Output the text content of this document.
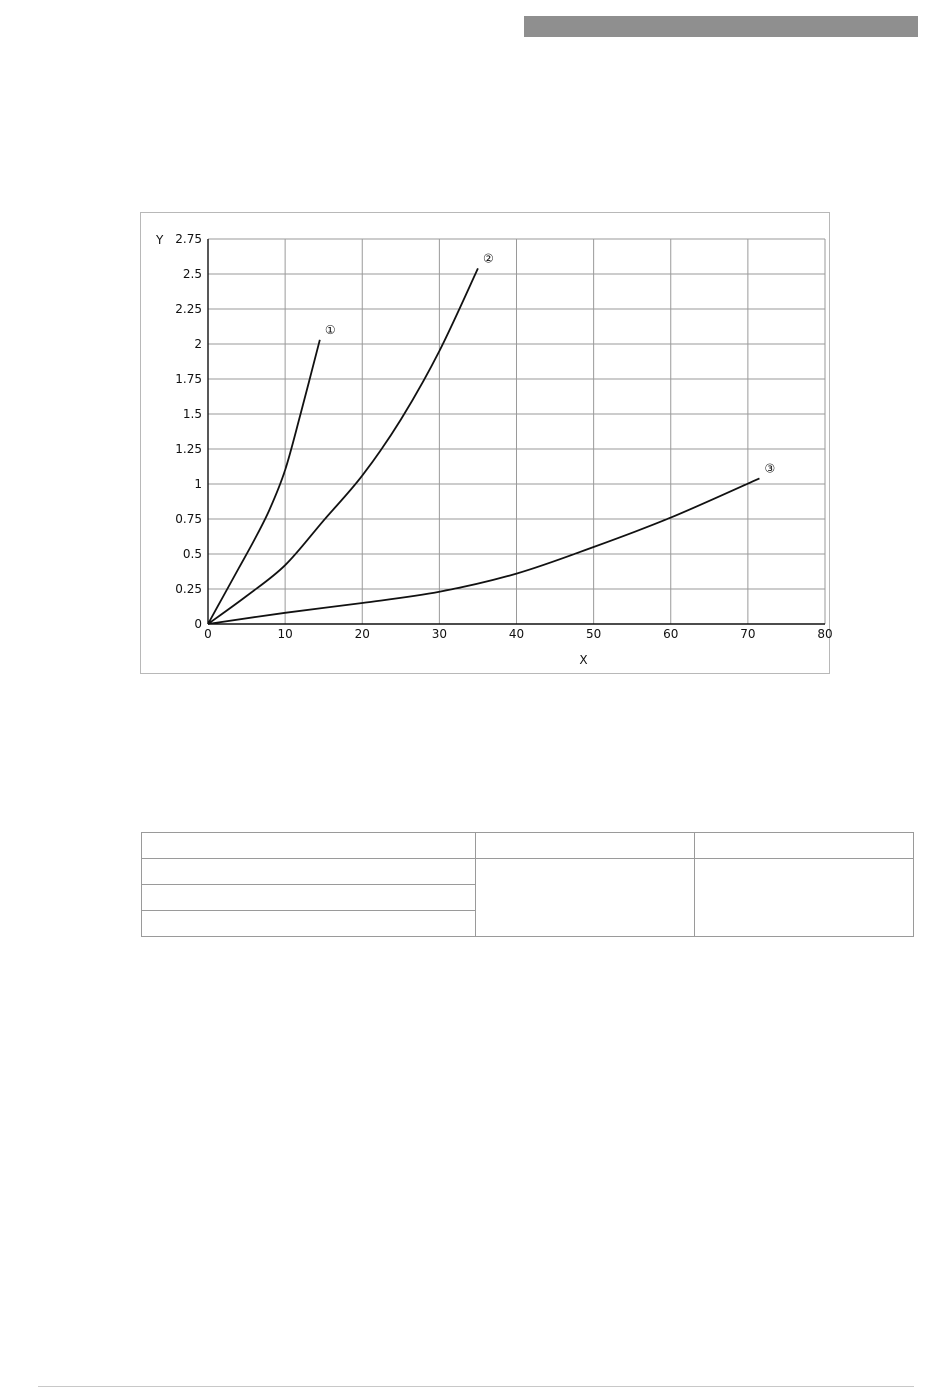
0	10	20	30	40	50	60	70	80
0
0.25
0.5
0.75
1
1.25
1.5
1.75
2
2.25
2.5
2.75
X
Y
①
②
③
